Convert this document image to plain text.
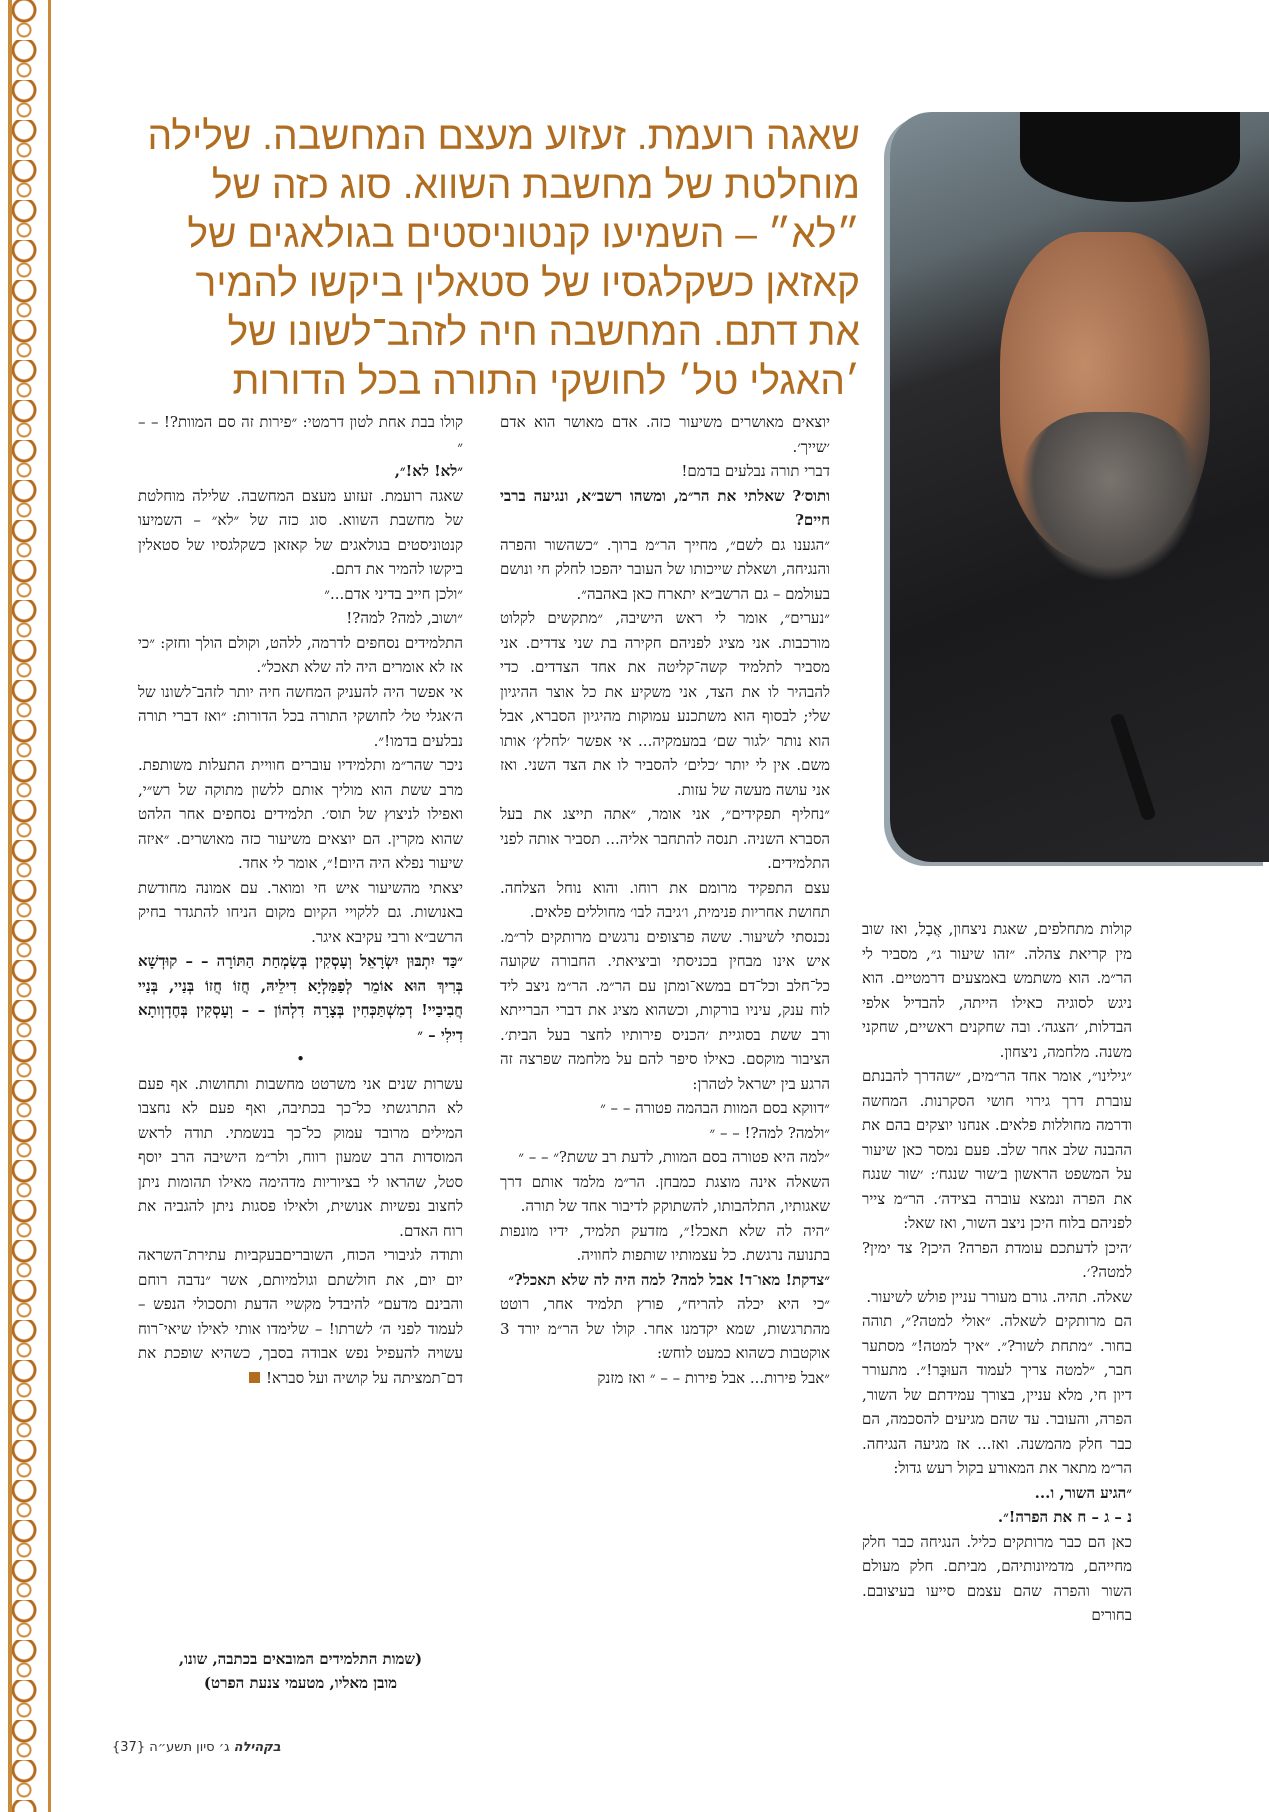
שאגה רועמת. זעזוע מעצם המחשבה. שלילה
מוחלטת של מחשבת השווא. סוג כזה של
״לא״ – השמיעו קנטוניסטים בגולאגים של
קאזאן כשקלגסיו של סטאלין ביקשו להמיר
את דתם. המחשבה חיה לזהב־לשונו של
׳האגלי טל׳ לחושקי התורה בכל הדורות

קולות מתחלפים, שאגת ניצחון, אֲבָל, ואז שוב מין קריאת צהלה. ״זהו שיעור ג״, מסביר לי הר״מ. הוא משתמש באמצעים דרמטיים. הוא ניגש לסוגיה כאילו הייתה, להבדיל אלפי הבדלות, ׳הצגה׳. ובה שחקנים ראשיים, שחקני משנה. מלחמה, ניצחון.

״גילינו״, אומר אחד הר״מים, ״שהדרך להבנתם עוברת דרך גירוי חושי הסקרנות. המחשה ודרמה מחוללות פלאים. אנחנו יוצקים בהם את ההבנה שלב אחר שלב. פעם נמסר כאן שיעור על המשפט הראשון ב׳שור שנגח׳: ׳שור שנגח את הפרה ונמצא עוברה בצידה׳. הר״מ צייר לפניהם בלוח היכן ניצב השור, ואז שאל:

׳היכן לדעתכם עומדת הפרה? היכן? צד ימין? למטה?׳.

שאלה. תהיה. גורם מעורר עניין פולש לשיעור.

הם מרותקים לשאלה. ״אולי למטה?״, תוהה בחור. ״מתחת לשור?״. ״איך למטה!״ מסתער חבר, ״למטה צריך לעמוד העוּבָּר!״. מתעורר דיון חי, מלא עניין, בצורך עמידתם של השור, הפרה, והעובר. עד שהם מגיעים להסכמה, הם כבר חלק מהמשנה. ואז... אז מגיעה הנגיחה. הר״מ מתאר את המאורע בקול רעש גדול:

״הגיע השור, ו...

נ – ג – ח את הפרה!״.

כאן הם כבר מרותקים כליל. הנגיחה כבר חלק מחייהם, מדמיונותיהם, מביתם. חלק מעולם השור והפרה שהם עצמם סייעו בעיצובם. בחורים

יוצאים מאושרים משיעור כזה. אדם מאושר הוא אדם ׳שייך׳.

דברי תורה נבלעים בדמם!

ותוס׳? שאלתי את הר״מ, ומשהו רשב״א, ונגיעה ברבי חיים?

״הגענו גם לשם״, מחייך הר״מ ברוך. ״כשהשור והפרה והנגיחה, ושאלת שייכותו של העובר יהפכו לחלק חי ונושם בעולמם – גם הרשב״א יתארח כאן באהבה״.

״נערים״, אומר לי ראש הישיבה, ״מתקשים לקלוט מורכבות. אני מציג לפניהם חקירה בת שני צדדים. אני מסביר לתלמיד קשה־קליטה את אחד הצדדים. כדי להבהיר לו את הצד, אני משקיע את כל אוצר ההיגיון שלי; לבסוף הוא משתכנע עמוקות מהיגיון הסברא, אבל הוא נותר ׳לגור שם׳ במעמקיה... אי אפשר ׳לחלץ׳ אותו משם. אין לי יותר ׳כלים׳ להסביר לו את הצד השני. ואז אני עושה מעשה של עזות.

״נחליף תפקידים״, אני אומר, ״אתה תייצג את בעל הסברא השניה. תנסה להתחבר אליה... תסביר אותה לפני התלמידים.

עצם התפקיד מרומם את רוחו. והוא נוחל הצלחה. תחושת אחריות פנימית, ו׳גיבה לבו׳ מחוללים פלאים.

נכנסתי לשיעור. ששה פרצופים נרגשים מרותקים לר״מ. איש אינו מבחין בכניסתי וביציאתי. החבורה שקועה כל־חלב וכל־דם במשא־ומתן עם הר״מ. הר״מ ניצב ליד לוח ענק, עיניו בורקות, וכשהוא מציג את דברי הברייתא ורב ששת בסוגיית ׳הכניס פירותיו לחצר בעל הבית׳. הציבור מוקסם. כאילו סיפר להם על מלחמה שפרצה זה הרגע בין ישראל לטהרן:

״דווקא בסם המוות הבהמה פטורה – – ״

״ולמה? למה?! – – ״

״למה היא פטורה בסם המוות, לדעת רב ששת?״ – – ״

השאלה אינה מוצגת כמבחן. הר״מ מלמד אותם דרך שאגותיו, התלהבותו, להשתוקק לדיבור אחד של תורה.

״היה לה שלא תאכל!״, מזדעק תלמיד, ידיו מונפות בתנועה נרגשת. כל עצמותיו שותפות לחוויה.

״צדקת! מאו־ד! אבל למה? למה היה לה שלא תאכל?״

״כי היא יכלה להריח״, פורץ תלמיד אחר, רוטט מהתרגשות, שמא יקדמנו אחר. קולו של הר״מ יורד 3 אוקטבות כשהוא כמעט לוחש:

״אבל פירות... אבל פירות – – ״ ואז מזנק

קולו בבת אחת לטון דרמטי: ״פירות זה סם המוות?! – – ״

״לא! לא!״,

שאגה רועמת. זעזוע מעצם המחשבה. שלילה מוחלטת של מחשבת השווא. סוג כזה של ״לא״ – השמיעו קנטוניסטים בגולאגים של קאזאן כשקלגסיו של סטאלין ביקשו להמיר את דתם.

״ולכן חייב בדיני אדם...״

״ושוב, למה? למה?!

התלמידים נסחפים לדרמה, ללהט, וקולם הולך וחזק: ״כי אז לא אומרים היה לה שלא תאכל״.

אי אפשר היה להעניק המחשה חיה יותר לזהב־לשונו של ה׳אגלי טל׳ לחושקי התורה בכל הדורות: ״ואז דברי תורה נבלעים בדמו!״.

ניכר שהר״מ ותלמידיו עוברים חוויית התעלות משותפת. מרב ששת הוא מוליך אותם ללשון מתוקה של רש״י, ואפילו לניצוץ של תוס׳. תלמידים נסחפים אחר הלהט שהוא מקרין. הם יוצאים משיעור כזה מאושרים. ״איזה שיעור נפלא היה היום!״, אומר לי אחד.

יצאתי מהשיעור איש חי ומואר. עם אמונה מחודשת באנושות. גם ללקויי הקיום מקום הניחו להתגדר בחיק הרשב״א ורבי עקיבא איגר.

״כַּד יִתְבּוּן יִשְׂרָאֵל וְעָסְקִין בְּשִׂמְחַת הַתּוֹרָה – – קוּדְשָׁא בְּרִיךְ הוּא אוֹמֵר לְפַמַּלְיָא דִילֵיהּ, חֲזוֹ חֲזוֹ בְּנַיי, בְּנַיי חֲבִיבַיי! דְמִשְׁתַּכְּחִין בְּצָרָה דִלְהוֹן – – וְעָסְקִין בְּחֶדְוְותָא דִילִי – ״

•

עשרות שנים אני משרטט מחשבות ותחושות. אף פעם לא התרגשתי כל־כך בכתיבה, ואף פעם לא נחצבו המילים מרובד עמוק כל־כך בנשמתי. תודה לראש המוסדות הרב שמעון רווח, ולר״מ הישיבה הרב יוסף סטל, שהראו לי בציוריות מדהימה מאילו תהומות ניתן לחצוב נפשיות אנושית, ולאילו פסגות ניתן להגביה את רוח האדם.

ותודה לגיבורי הכוח, השובריםבעקביות עתירת־השראה יום יום, את חולשתם וגולמיותם, אשר ״נדבה רוחם והבינם מדעם״ להיבדל מקשיי הדעת ותסכולי הנפש – לעמוד לפני ה׳ לשרתו! – שלימדו אותי לאילו שיאי־רוח עשויה להעפיל נפש אבודה בסבך, כשהיא שופכת את דם־תמציתה על קושיה ועל סברא!

(שמות התלמידים המובאים בכתבה, שונו,
מובן מאליו, מטעמי צנעת הפרט)
בקהילה ג׳ סיון תשע״ה {37}
